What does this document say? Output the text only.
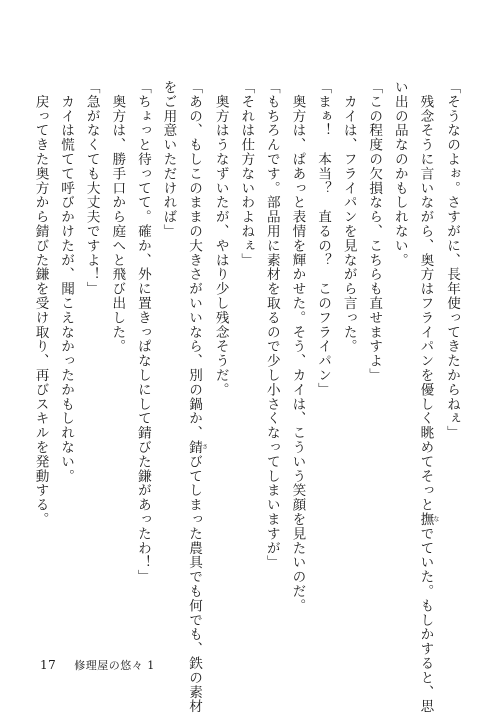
「そうなのよぉ。さすがに、長年使ってきたからねぇ」
　残念そうに言いながら、奥方はフライパンを優しく眺めてそっと撫なでていた。もしかすると、思
い出の品なのかもしれない。
「この程度の欠損なら、こちらも直せますよ」
　カイは、フライパンを見ながら言った。
「まぁ！　本当？　直るの？　このフライパン」
　奥方は、ぱあっと表情を輝かせた。そう、カイは、こういう笑顔を見たいのだ。
「もちろんです。部品用に素材を取るので少し小さくなってしまいますが」
「それは仕方ないわよねぇ」
　奥方はうなずいたが、やはり少し残念そうだ。
「あの、もしこのままの大きさがいいなら、別の鍋か、錆さびてしまった農具でも何でも、鉄の素材
をご用意いただければ」
「ちょっと待ってて。確か、外に置きっぱなしにして錆びた鎌があったわ！」
　奥方は、勝手口から庭へと飛び出した。
「急がなくても大丈夫ですよ！」
　カイは慌てて呼びかけたが、聞こえなかったかもしれない。
　戻ってきた奥方から錆びた鎌を受け取り、再びスキルを発動する。
17 修理屋の悠々 1
